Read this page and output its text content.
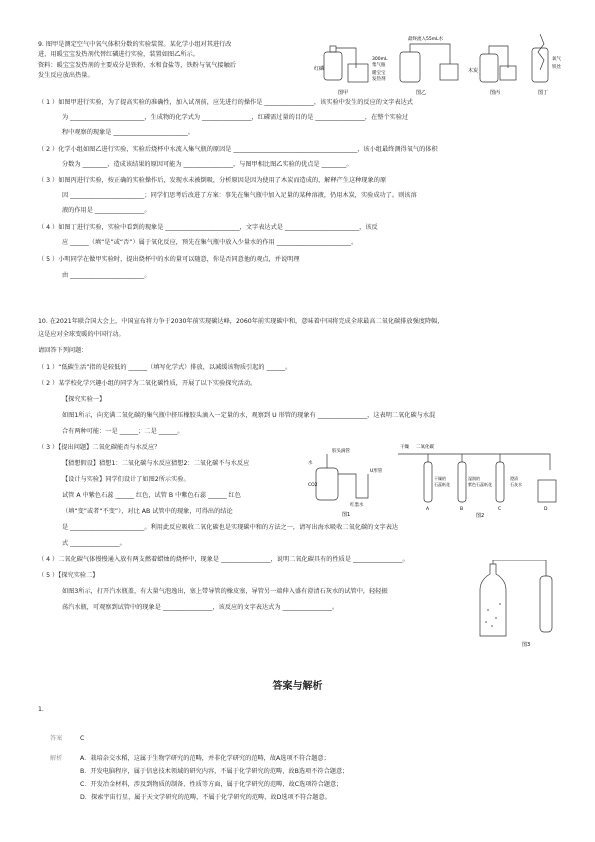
9. 图甲是测定空气中氧气体积分数的实验装置。某化学小组对其进行改
进，用暖宝宝发热剂代替红磷进行实验，装置如图乙所示。
资料：暖宝宝发热剂的主要成分是铁粉、水和食盐等，铁粉与氧气接触后
发生反应放出热量。
红磷
图甲
300mL
集气瓶
暖宝宝
发热剂
最终流入55mL水
图乙
木炭
图丙
氧气
铁丝
图丁
（ 1 ）如图甲进行实验，为了提高实验的准确性，加入试剂前，应先进行的操作是 ________________，该实验中发生的反应的文字表达式
为 ________________________，生成物的化学式为 ________________，红磷需过量的目的是 ________________，在整个实验过
程中观察的现象是 ________________________。
（ 2 ）化学小组如图乙进行实验，实验后烧杯中水流入集气瓶的原因是 ________________________________________，该小组最终测得氧气的体积
分数为 ________，造成该结果的原因可能为 ________________，与图甲相比图乙实验的优点是 ________。
（ 3 ）如图丙进行实验，按正确的实验操作后，发现水未被倒吸，分析原因是因为使用了木炭而造成的，解释产生这种现象的原
因 ________________________；同学们思考后改进了方案：事先在集气瓶中加入足量的某种溶液，仍用木炭，实验成功了。则该溶
液的作用是 ________________。
（ 4 ）如图丁进行实验，实验中看到的现象是 ________________________，文字表达式是 ________________________，该反
应 ______（填“是”或“否”）属于氧化反应，预先在集气瓶中放入少量水的作用 ________________________。
（ 5 ）小明同学在做甲实验时，提出烧杯中的水的量可以随意，你是否同意他的观点，并说明理
由 ________________________。
10. 在2021年联合国大会上，中国宣布将力争于2030年前实现碳达峰，2060年前实现碳中和，意味着中国将完成全球最高二氧化碳排放强度降幅，
这是应对全球变暖的中国行动。
请回答下列问题：
（ 1 ）“低碳生活”指的是较低的 ______（填写化学式）排放，以减缓该物质引起的 ______。
（ 2 ）某学校化学兴趣小组的同学为二氧化碳性质，开展了以下实验探究活动。
【探究实验一】
如图1所示，向充满二氧化碳的集气瓶中挤压橡胶头滴入一定量的水，观察到 U 形管的现象有 ________________，这表明二氧化碳与水混
合有两种可能：一是 ______；二是 ______。
（ 3 ）【提出问题】二氧化碳能否与水反应？
【猜想假设】猜想1：二氧化碳与水反应猜想2：二氧化碳不与水反应
【设计与实验】同学们设计了如图2所示实验。
试管 A 中紫色石蕊 ______ 红色，试管 B 中紫色石蕊 ______ 红色
（填“变”或者“不变”），对比 AB 试管中的现象，可得出的结论
是 ________________________。利用此反应吸收二氧化碳也是实现碳中和的方法之一，请写出海水吸收二氧化碳的文字表达
式 ________________。
（ 4 ）二氧化碳气体慢慢通入放有两支燃着蜡烛的烧杯中，现象是 ________________，说明二氧化碳具有的性质是 ________________。
（ 5 ）【探究实验二】
如图3所示，打开汽水瓶盖，有大量气泡逸出，塞上带导管的橡皮塞，导管另一端伸入盛有澄清石灰水的试管中，轻轻振
荡汽水瓶，可观察到试管中的现象是 ________________，该反应的文字表达式为 ________________。
胶头滴管
U形管
水
CO2
红墨水
图1
干燥 二氧化碳
干燥的
石蕊纸花
湿润的
紫色石蕊纸花
澄清
石灰水
A	B	C	D
图2
图3
答案与解析
1.
答案	C
解析	A．栽培杂交水稻，这属于生物学研究的范畴，并非化学研究的范畴，故A选项不符合题意；
B．开发电脑程序，属于信息技术领域的研究内容，不属于化学研究的范畴，故B选项不符合题意；
C．开发冶金材料，涉及到物质的制备、性质等方面，属于化学研究的范畴，故C选项符合题意；
D．探索宇宙行星，属于天文学研究的范畴，不属于化学研究的范畴，故D选项不符合题意。
